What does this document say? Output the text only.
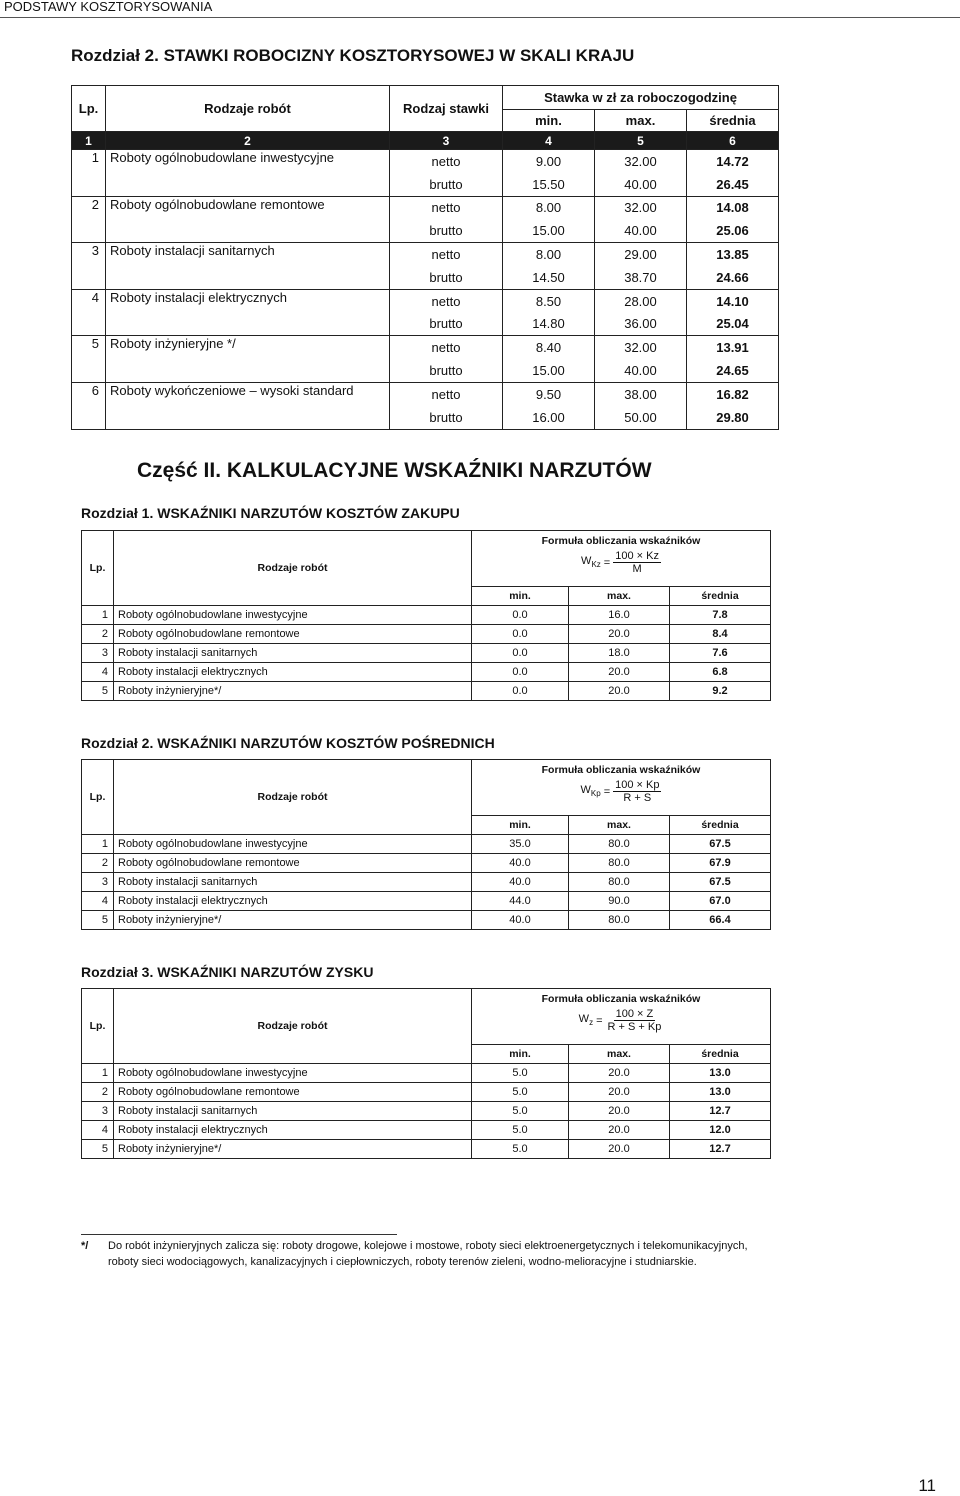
PODSTAWY KOSZTORYSOWANIA
Rozdział 2. STAWKI ROBOCIZNY KOSZTORYSOWEJ W SKALI KRAJU
Lp.	Rodzaje robót	Rodzaj stawki	Stawka w zł za roboczogodzinę		
			min.	max.	średnia
1	2	3	4	5	6
1	Roboty ogólnobudowlane inwestycyjne	netto	9.00	32.00	14.72
		brutto	15.50	40.00	26.45
2	Roboty ogólnobudowlane remontowe	netto	8.00	32.00	14.08
		brutto	15.00	40.00	25.06
3	Roboty instalacji sanitarnych	netto	8.00	29.00	13.85
		brutto	14.50	38.70	24.66
4	Roboty instalacji elektrycznych	netto	8.50	28.00	14.10
		brutto	14.80	36.00	25.04
5	Roboty inżynieryjne */	netto	8.40	32.00	13.91
		brutto	15.00	40.00	24.65
6	Roboty wykończeniowe – wysoki standard	netto	9.50	38.00	16.82
		brutto	16.00	50.00	29.80
Część II. KALKULACYJNE WSKAŹNIKI NARZUTÓW
Rozdział 1. WSKAŹNIKI NARZUTÓW KOSZTÓW ZAKUPU
Lp.	Rodzaje robót	Formuła obliczania wskaźników
$W_{Kz} = \frac{100 \times Kz}{M}$

		min.	max.	średnia
1	Roboty ogólnobudowlane inwestycyjne	0.0	16.0	7.8
2	Roboty ogólnobudowlane remontowe	0.0	20.0	8.4
3	Roboty instalacji sanitarnych	0.0	18.0	7.6
4	Roboty instalacji elektrycznych	0.0	20.0	6.8
5	Roboty inżynieryjne*/	0.0	20.0	9.2
Rozdział 2. WSKAŹNIKI NARZUTÓW KOSZTÓW POŚREDNICH
Lp.	Rodzaje robót	Formuła obliczania wskaźników
$W_{Kp} = \frac{100 \times Kp}{R + S}$

		min.	max.	średnia
1	Roboty ogólnobudowlane inwestycyjne	35.0	80.0	67.5
2	Roboty ogólnobudowlane remontowe	40.0	80.0	67.9
3	Roboty instalacji sanitarnych	40.0	80.0	67.5
4	Roboty instalacji elektrycznych	44.0	90.0	67.0
5	Roboty inżynieryjne*/	40.0	80.0	66.4
Rozdział 3. WSKAŹNIKI NARZUTÓW ZYSKU
Lp.	Rodzaje robót	Formuła obliczania wskaźników
$W_z = \frac{100 \times Z}{R + S + Kp}$

		min.	max.	średnia
1	Roboty ogólnobudowlane inwestycyjne	5.0	20.0	13.0
2	Roboty ogólnobudowlane remontowe	5.0	20.0	13.0
3	Roboty instalacji sanitarnych	5.0	20.0	12.7
4	Roboty instalacji elektrycznych	5.0	20.0	12.0
5	Roboty inżynieryjne*/	5.0	20.0	12.7
*/ Do robót inżynieryjnych zalicza się: roboty drogowe, kolejowe i mostowe, roboty sieci elektroenergetycznych i telekomunikacyjnych, roboty sieci wodociągowych, kanalizacyjnych i ciepłowniczych, roboty terenów zieleni, wodno-melioracyjne i studniarskie.
11
